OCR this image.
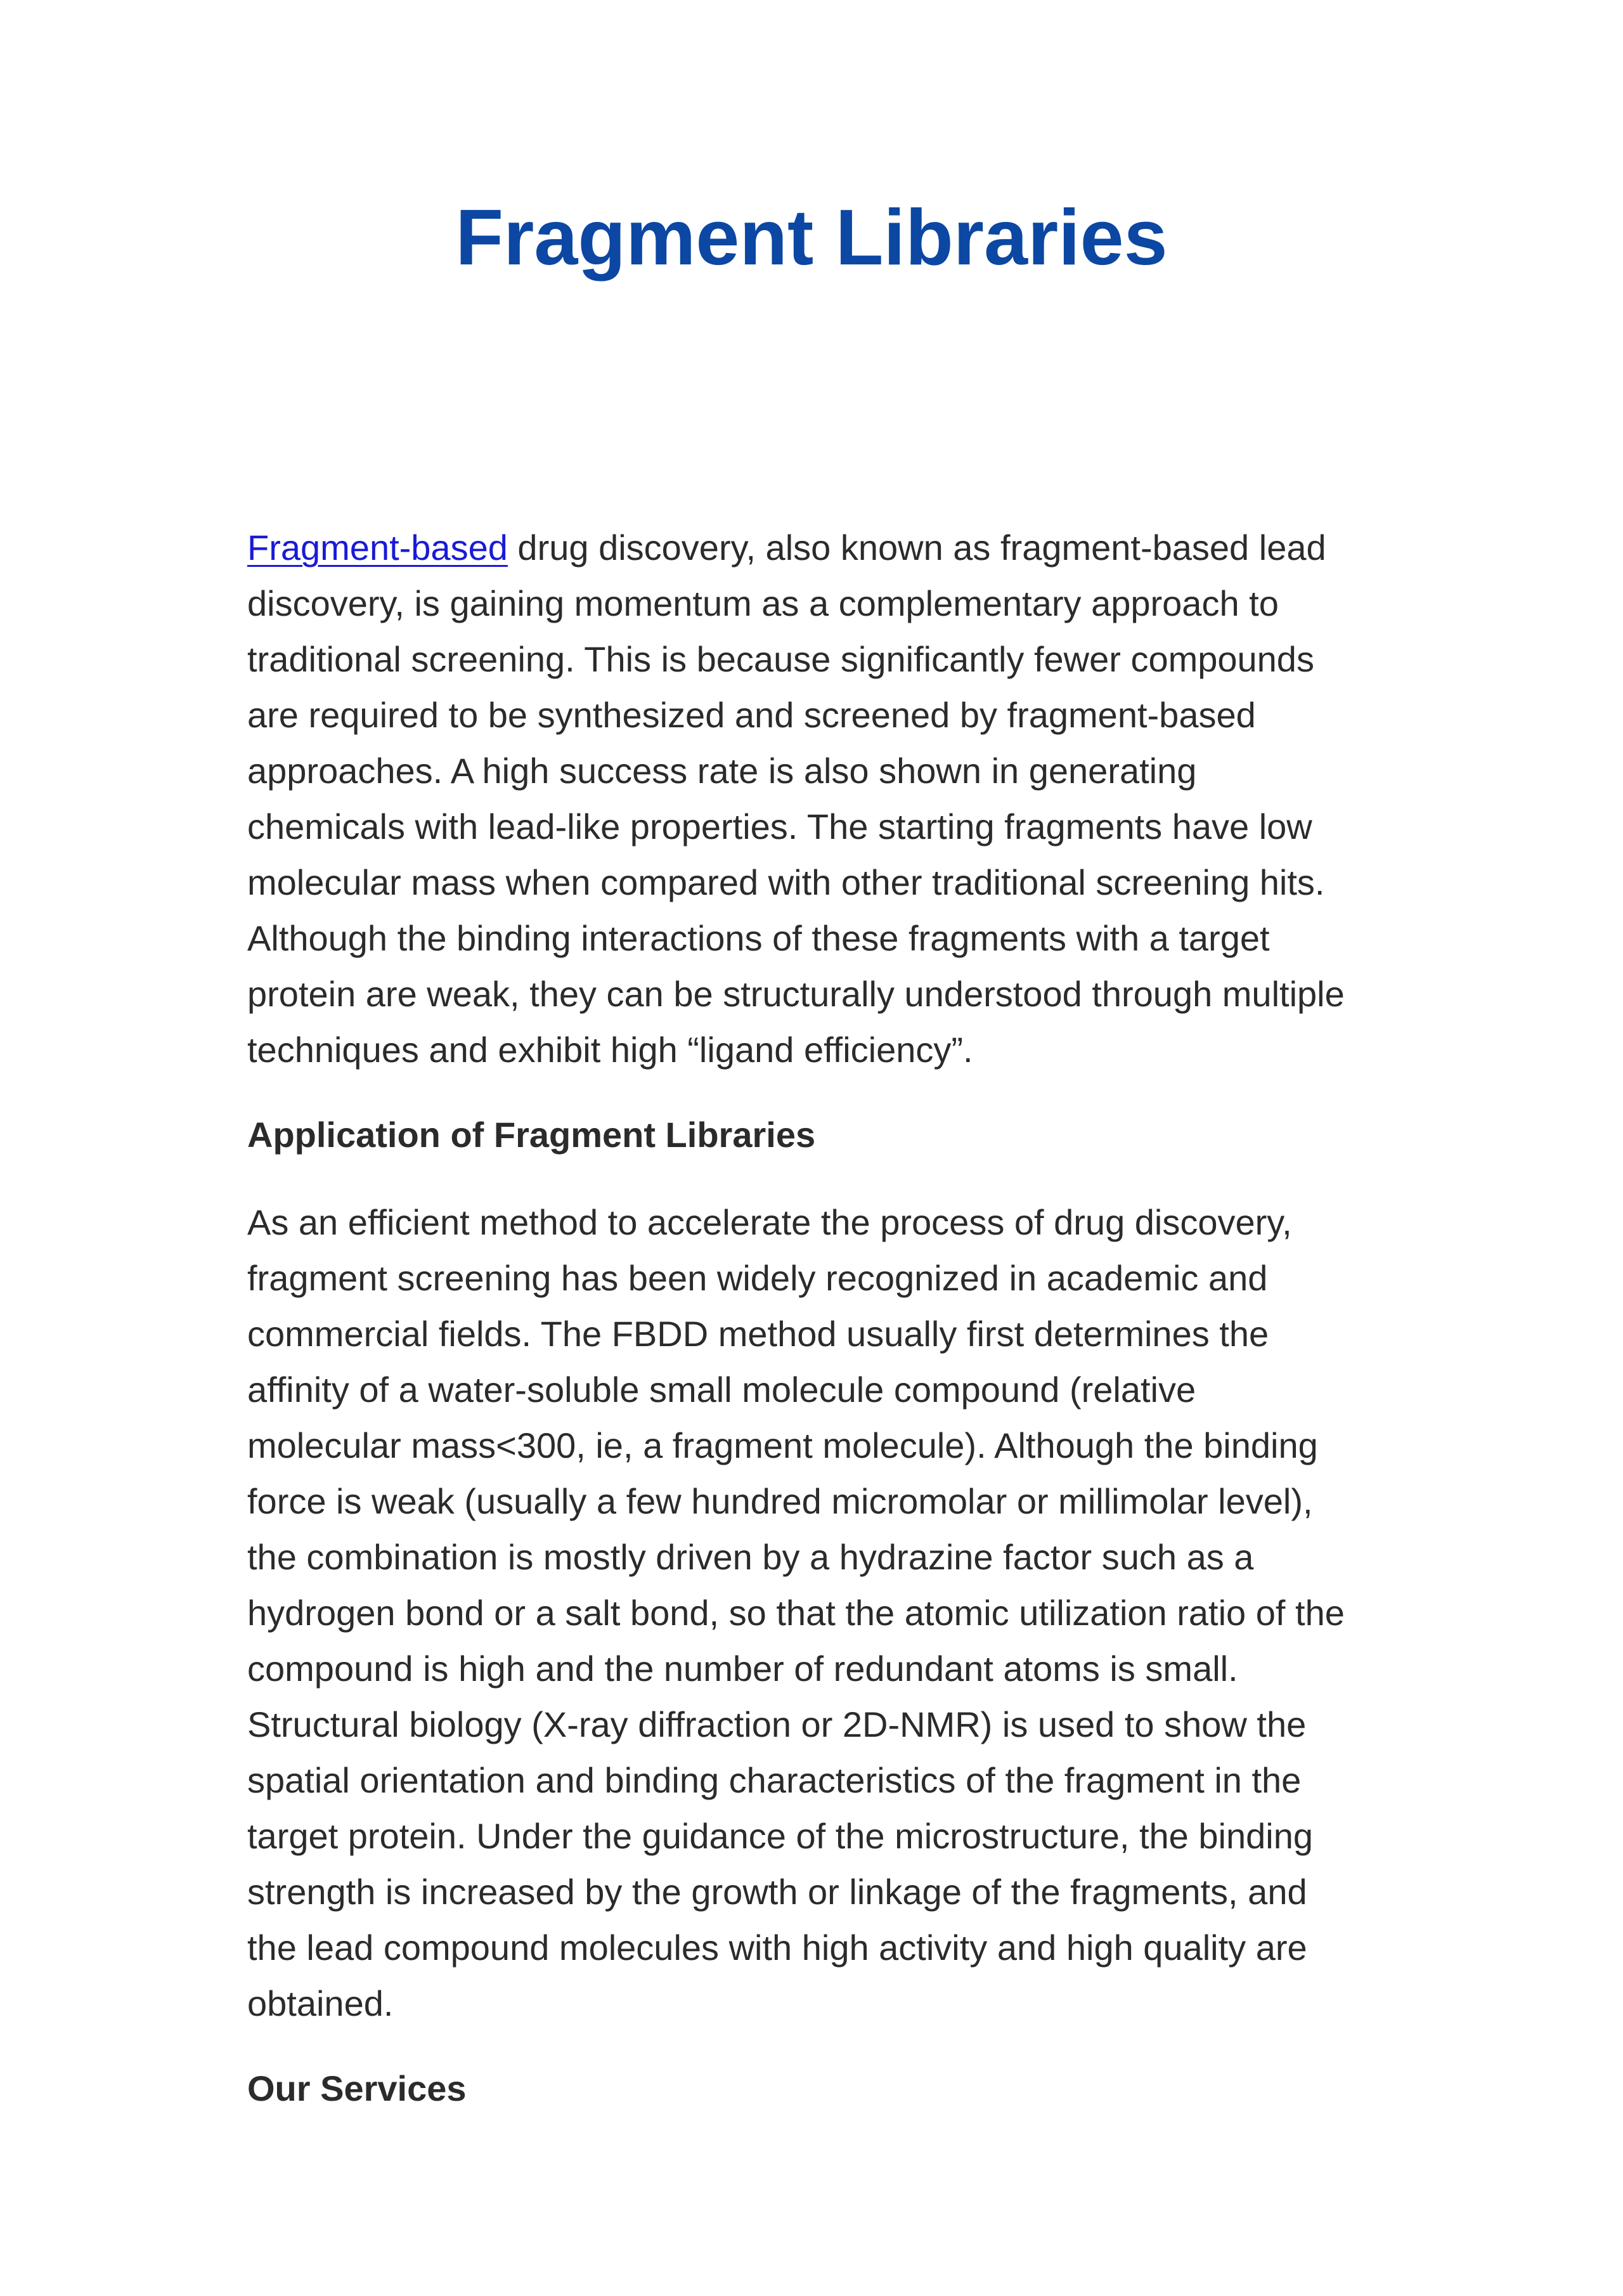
Fragment Libraries

Fragment-based drug discovery, also known as fragment-based lead
discovery, is gaining momentum as a complementary approach to
traditional screening. This is because significantly fewer compounds
are required to be synthesized and screened by fragment-based
approaches. A high success rate is also shown in generating
chemicals with lead-like properties. The starting fragments have low
molecular mass when compared with other traditional screening hits.
Although the binding interactions of these fragments with a target
protein are weak, they can be structurally understood through multiple
techniques and exhibit high “ligand efficiency”.

Application of Fragment Libraries

As an efficient method to accelerate the process of drug discovery,
fragment screening has been widely recognized in academic and
commercial fields. The FBDD method usually first determines the
affinity of a water-soluble small molecule compound (relative
molecular mass<300, ie, a fragment molecule). Although the binding
force is weak (usually a few hundred micromolar or millimolar level),
the combination is mostly driven by a hydrazine factor such as a
hydrogen bond or a salt bond, so that the atomic utilization ratio of the
compound is high and the number of redundant atoms is small.
Structural biology (X-ray diffraction or 2D-NMR) is used to show the
spatial orientation and binding characteristics of the fragment in the
target protein. Under the guidance of the microstructure, the binding
strength is increased by the growth or linkage of the fragments, and
the lead compound molecules with high activity and high quality are
obtained.

Our Services
